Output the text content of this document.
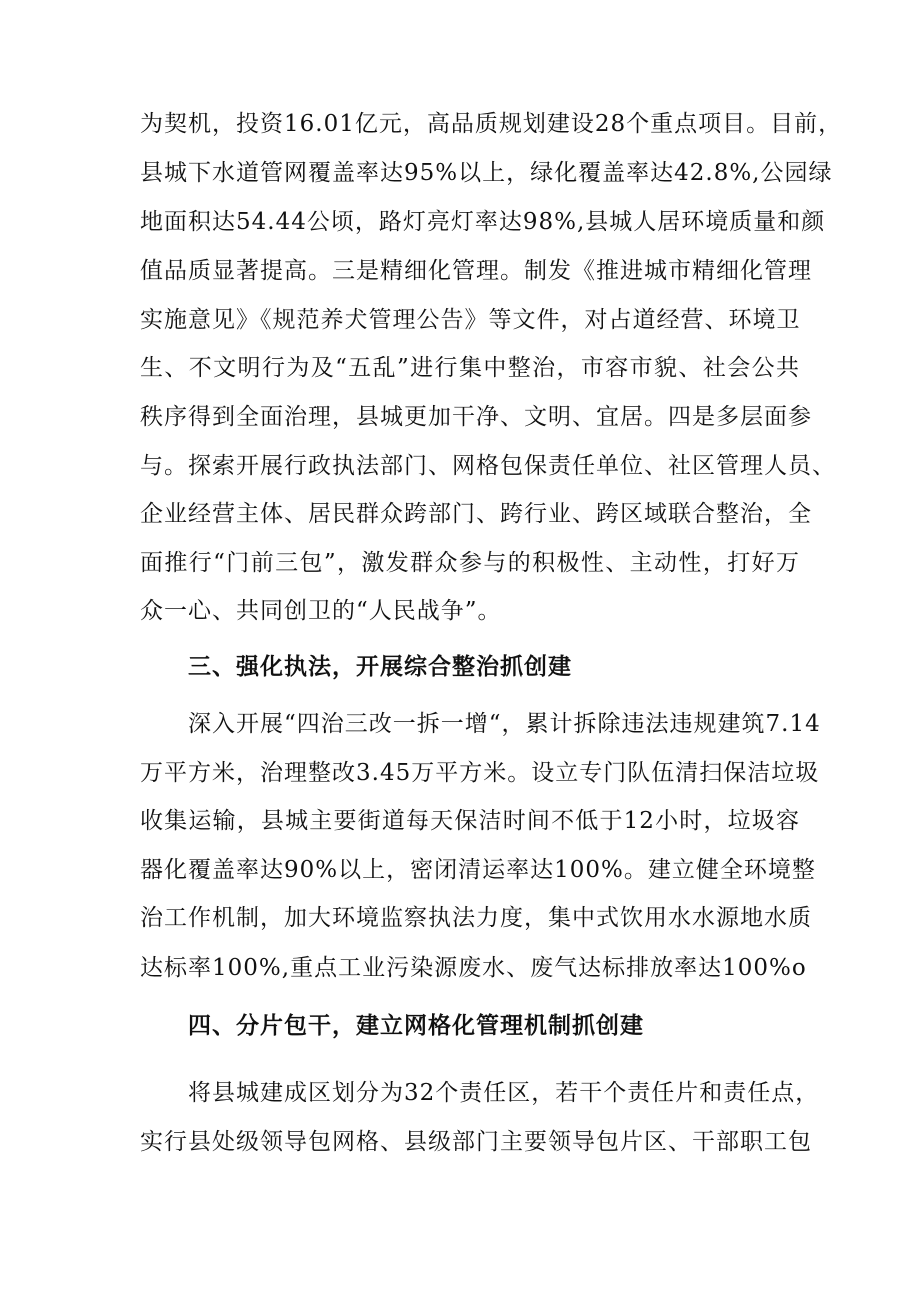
为契机，投资16.01亿元，高品质规划建设28个重点项目。目前，
县城下水道管网覆盖率达95%以上，绿化覆盖率达42.8%,公园绿
地面积达54.44公顷，路灯亮灯率达98%,县城人居环境质量和颜
值品质显著提高。三是精细化管理。制发《推进城市精细化管理
实施意见》《规范养犬管理公告》等文件，对占道经营、环境卫
生、不文明行为及“五乱”进行集中整治，市容市貌、社会公共
秩序得到全面治理，县城更加干净、文明、宜居。四是多层面参
与。探索开展行政执法部门、网格包保责任单位、社区管理人员、
企业经营主体、居民群众跨部门、跨行业、跨区域联合整治，全
面推行“门前三包”，激发群众参与的积极性、主动性，打好万
众一心、共同创卫的“人民战争”。
三、强化执法，开展综合整治抓创建
深入开展“四治三改一拆一增“，累计拆除违法违规建筑7.14
万平方米，治理整改3.45万平方米。设立专门队伍清扫保洁垃圾
收集运输，县城主要街道每天保洁时间不低于12小时，垃圾容
器化覆盖率达90%以上，密闭清运率达100%。建立健全环境整
治工作机制，加大环境监察执法力度，集中式饮用水水源地水质
达标率100%,重点工业污染源废水、废气达标排放率达100%o
四、分片包干，建立网格化管理机制抓创建
将县城建成区划分为32个责任区，若干个责任片和责任点，
实行县处级领导包网格、县级部门主要领导包片区、干部职工包
